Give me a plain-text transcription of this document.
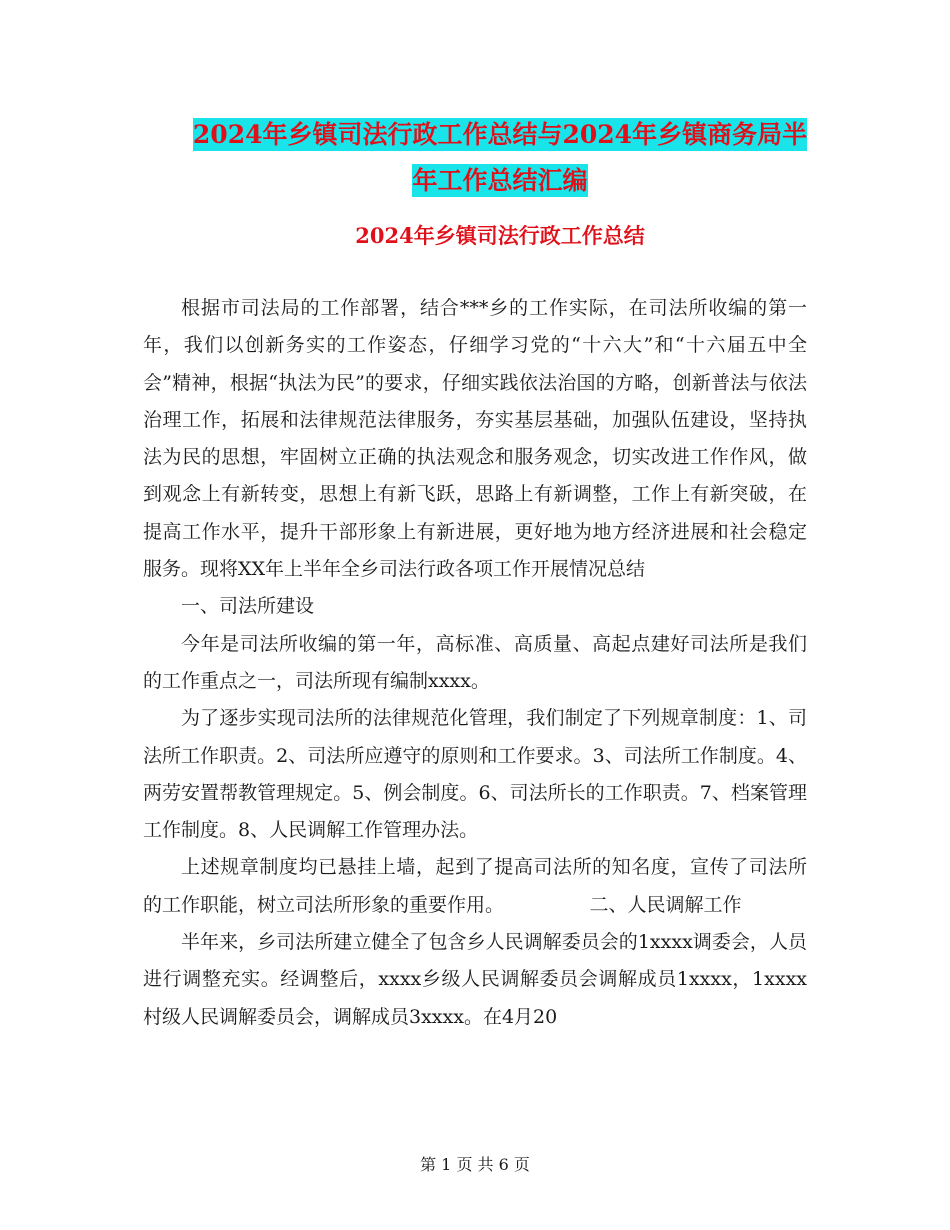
2024年乡镇司法行政工作总结与2024年乡镇商务局半
年工作总结汇编
2024年乡镇司法行政工作总结

根据市司法局的工作部署，结合***乡的工作实际，在司法所收编的第一年，我们以创新务实的工作姿态，仔细学习党的“十六大”和“十六届五中全会”精神，根据“执法为民”的要求，仔细实践依法治国的方略，创新普法与依法治理工作，拓展和法律规范法律服务，夯实基层基础，加强队伍建设，坚持执法为民的思想，牢固树立正确的执法观念和服务观念，切实改进工作作风，做到观念上有新转变，思想上有新飞跃，思路上有新调整，工作上有新突破，在提高工作水平，提升干部形象上有新进展，更好地为地方经济进展和社会稳定服务。现将XX年上半年全乡司法行政各项工作开展情况总结

一、司法所建设

今年是司法所收编的第一年，高标准、高质量、高起点建好司法所是我们的工作重点之一，司法所现有编制xxxx。

为了逐步实现司法所的法律规范化管理，我们制定了下列规章制度：1、司法所工作职责。2、司法所应遵守的原则和工作要求。3、司法所工作制度。4、两劳安置帮教管理规定。5、例会制度。6、司法所长的工作职责。7、档案管理工作制度。8、人民调解工作管理办法。

上述规章制度均已悬挂上墙，起到了提高司法所的知名度，宣传了司法所的工作职能，树立司法所形象的重要作用。　　　　　二、人民调解工作

半年来，乡司法所建立健全了包含乡人民调解委员会的1xxxx调委会，人员进行调整充实。经调整后，xxxx乡级人民调解委员会调解成员1xxxx，1xxxx村级人民调解委员会，调解成员3xxxx。在4月20

第 1 页 共 6 页
